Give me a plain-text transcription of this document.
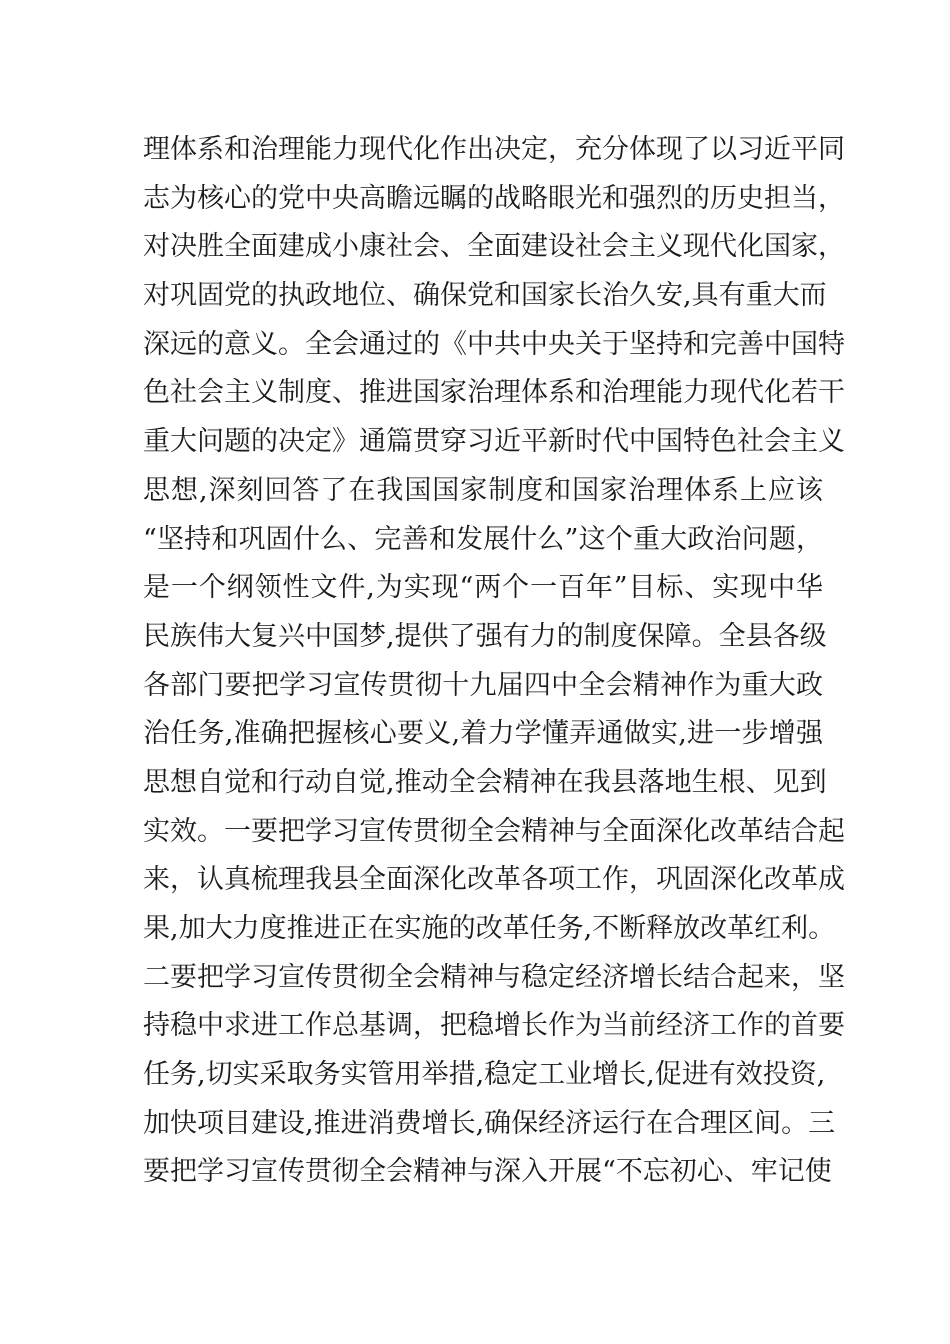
理体系和治理能力现代化作出决定，充分体现了以习近平同
志为核心的党中央高瞻远瞩的战略眼光和强烈的历史担当，
对决胜全面建成小康社会、全面建设社会主义现代化国家，
对巩固党的执政地位、确保党和国家长治久安,具有重大而
深远的意义。全会通过的《中共中央关于坚持和完善中国特
色社会主义制度、推进国家治理体系和治理能力现代化若干
重大问题的决定》通篇贯穿习近平新时代中国特色社会主义
思想,深刻回答了在我国国家制度和国家治理体系上应该
“坚持和巩固什么、完善和发展什么”这个重大政治问题，
是一个纲领性文件,为实现“两个一百年”目标、实现中华
民族伟大复兴中国梦,提供了强有力的制度保障。全县各级
各部门要把学习宣传贯彻十九届四中全会精神作为重大政
治任务,准确把握核心要义,着力学懂弄通做实,进一步增强
思想自觉和行动自觉,推动全会精神在我县落地生根、见到
实效。一要把学习宣传贯彻全会精神与全面深化改革结合起
来，认真梳理我县全面深化改革各项工作，巩固深化改革成
果,加大力度推进正在实施的改革任务,不断释放改革红利。
二要把学习宣传贯彻全会精神与稳定经济增长结合起来，坚
持稳中求进工作总基调，把稳增长作为当前经济工作的首要
任务,切实采取务实管用举措,稳定工业增长,促进有效投资,
加快项目建设,推进消费增长,确保经济运行在合理区间。三
要把学习宣传贯彻全会精神与深入开展“不忘初心、牢记使
